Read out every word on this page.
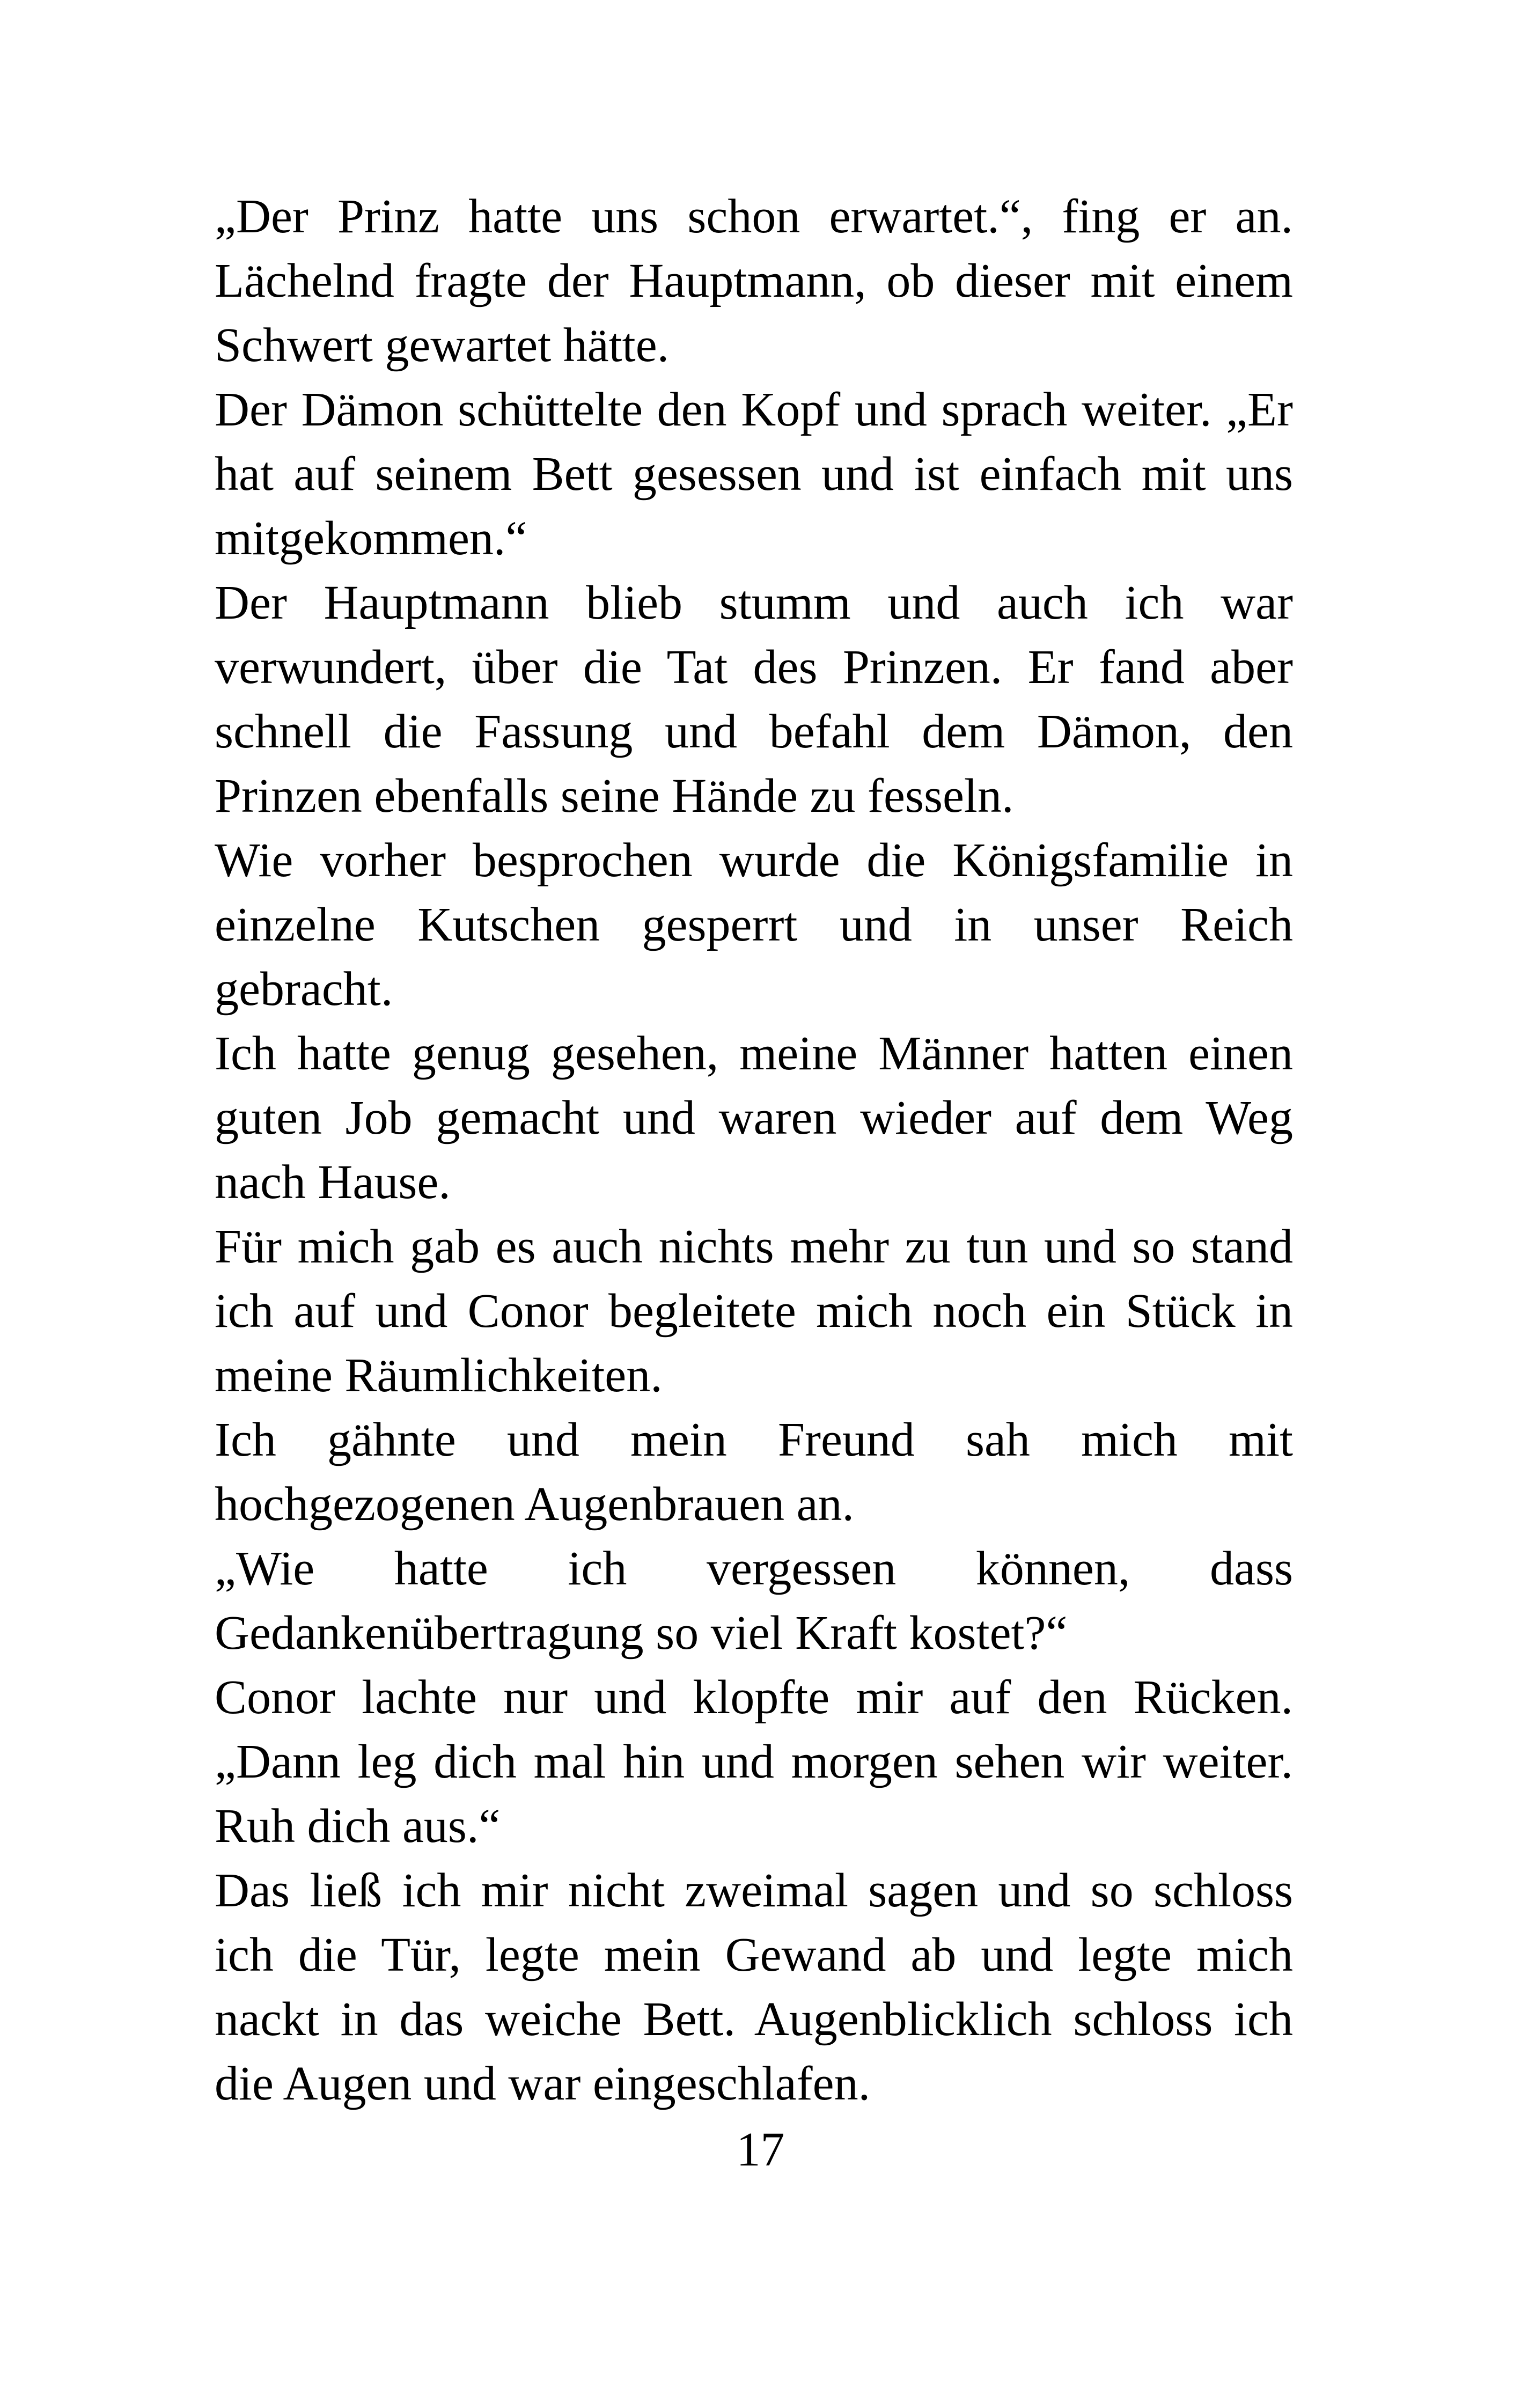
„Der Prinz hatte uns schon erwartet.“, fing er an.
Lächelnd fragte der Hauptmann, ob dieser mit einem
Schwert gewartet hätte.
Der Dämon schüttelte den Kopf und sprach weiter. „Er
hat auf seinem Bett gesessen und ist einfach mit uns
mitgekommen.“
Der Hauptmann blieb stumm und auch ich war
verwundert, über die Tat des Prinzen. Er fand aber
schnell die Fassung und befahl dem Dämon, den
Prinzen ebenfalls seine Hände zu fesseln.
Wie vorher besprochen wurde die Königsfamilie in
einzelne Kutschen gesperrt und in unser Reich
gebracht.
Ich hatte genug gesehen, meine Männer hatten einen
guten Job gemacht und waren wieder auf dem Weg
nach Hause.
Für mich gab es auch nichts mehr zu tun und so stand
ich auf und Conor begleitete mich noch ein Stück in
meine Räumlichkeiten.
Ich gähnte und mein Freund sah mich mit
hochgezogenen Augenbrauen an.
„Wie hatte ich vergessen können, dass
Gedankenübertragung so viel Kraft kostet?“
Conor lachte nur und klopfte mir auf den Rücken.
„Dann leg dich mal hin und morgen sehen wir weiter.
Ruh dich aus.“
Das ließ ich mir nicht zweimal sagen und so schloss
ich die Tür, legte mein Gewand ab und legte mich
nackt in das weiche Bett. Augenblicklich schloss ich
die Augen und war eingeschlafen.
17
